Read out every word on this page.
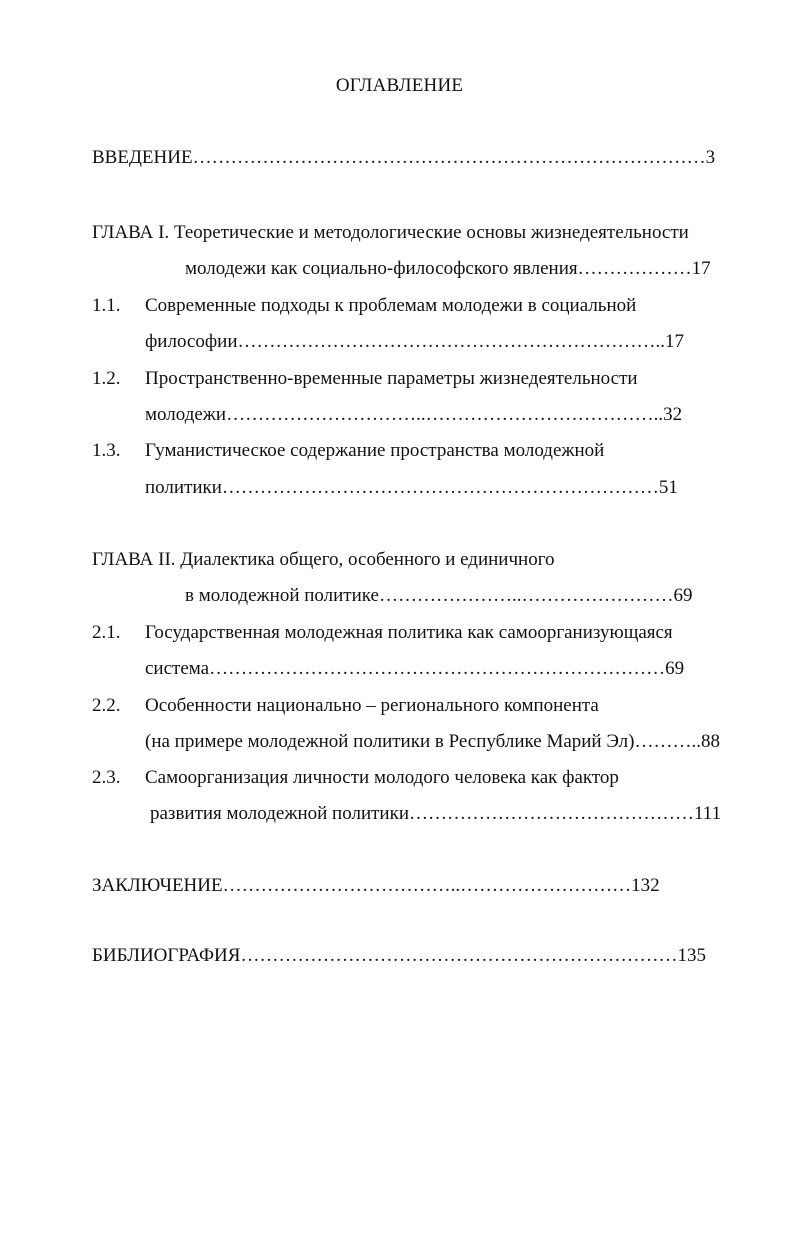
ОГЛАВЛЕНИЕ
ВВЕДЕНИЕ………………………………………………………………………3
ГЛАВА I. Теоретические и методологические основы жизнедеятельности
молодежи как социально-философского явления………………17
1.1. Современные подходы к проблемам молодежи в социальной
философии…………………………………………………………..17
1.2. Пространственно-временные параметры жизнедеятельности
молодежи…………………………..………………………………..32
1.3. Гуманистическое содержание пространства молодежной
политики……………………………………………………………51
ГЛАВА II. Диалектика общего, особенного и единичного
в молодежной политике…………………..……………………69
2.1. Государственная молодежная политика как самоорганизующаяся
система………………………………………………………………69
2.2. Особенности национально – регионального компонента
(на примере молодежной политики в Республике Марий Эл)………..88
2.3. Самоорганизация личности молодого человека как фактор
развития молодежной политики………………………………………111
ЗАКЛЮЧЕНИЕ………………………………..………………………132
БИБЛИОГРАФИЯ……………………………………………………………135
